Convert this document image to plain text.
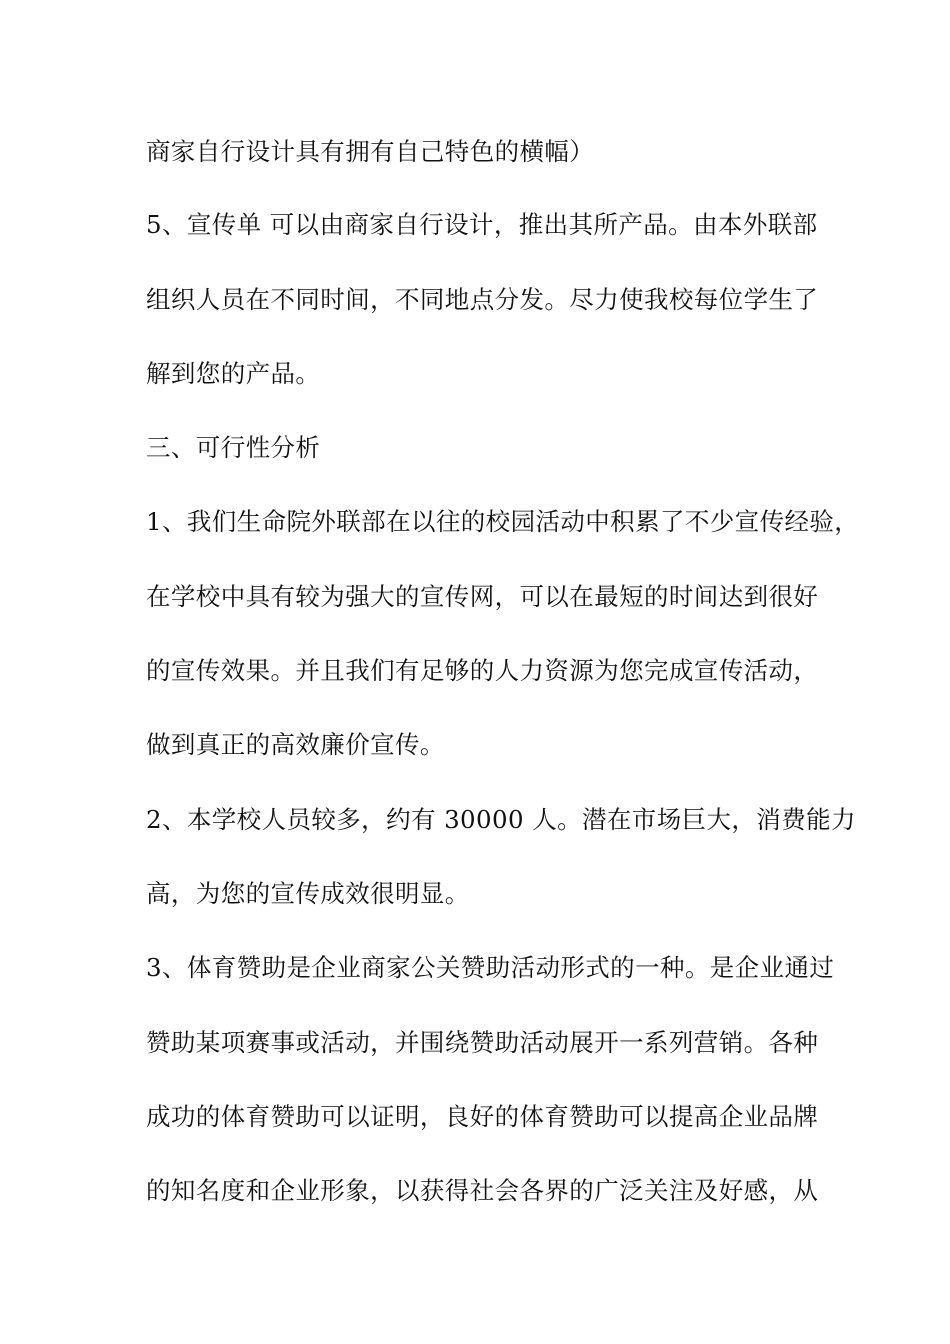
商家自行设计具有拥有自己特色的横幅）
5、宣传单 可以由商家自行设计，推出其所产品。由本外联部
组织人员在不同时间，不同地点分发。尽力使我校每位学生了
解到您的产品。
三、可行性分析
1、我们生命院外联部在以往的校园活动中积累了不少宣传经验，
在学校中具有较为强大的宣传网，可以在最短的时间达到很好
的宣传效果。并且我们有足够的人力资源为您完成宣传活动，
做到真正的高效廉价宣传。
2、本学校人员较多，约有 30000 人。潜在市场巨大，消费能力
高，为您的宣传成效很明显。
3、体育赞助是企业商家公关赞助活动形式的一种。是企业通过
赞助某项赛事或活动，并围绕赞助活动展开一系列营销。各种
成功的体育赞助可以证明，良好的体育赞助可以提高企业品牌
的知名度和企业形象，以获得社会各界的广泛关注及好感，从
